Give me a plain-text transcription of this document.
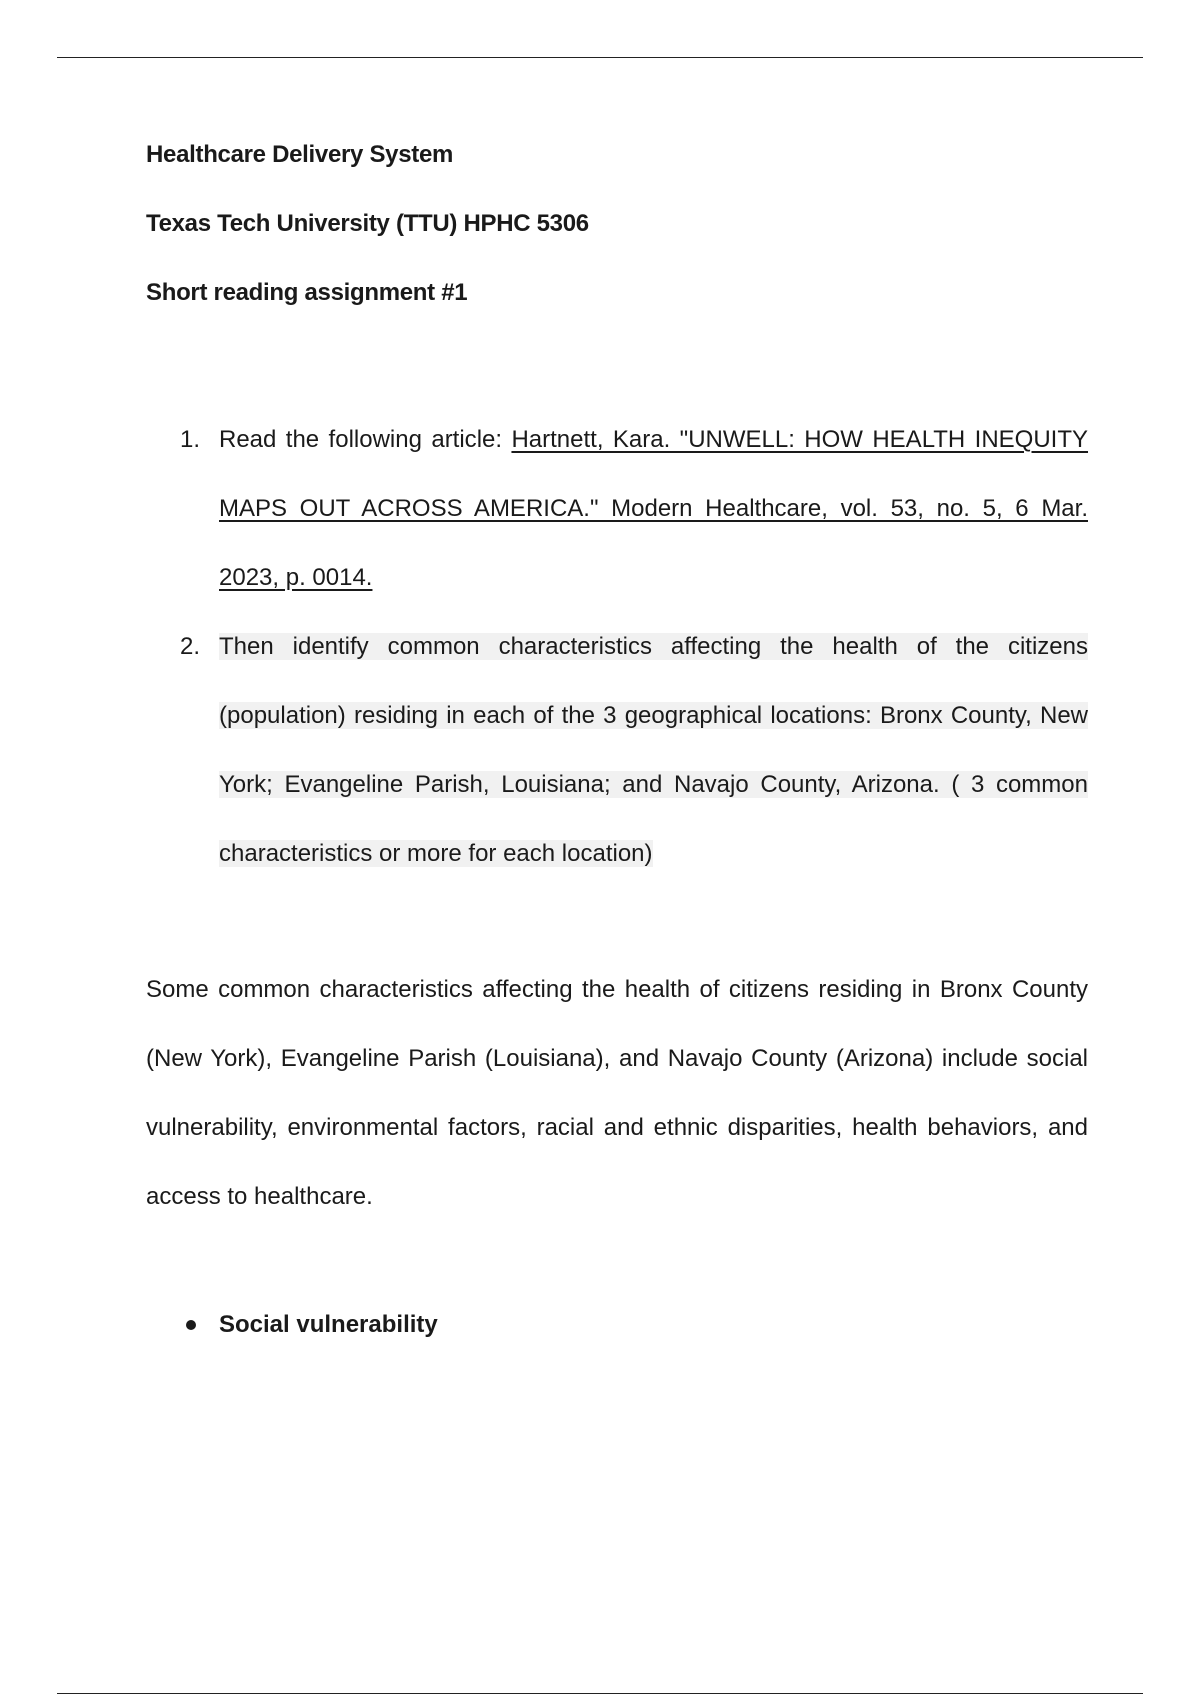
Healthcare Delivery System

Texas Tech University (TTU) HPHC 5306

Short reading assignment #1

1. Read the following article: Hartnett, Kara. "UNWELL: HOW HEALTH INEQUITY MAPS OUT ACROSS AMERICA." Modern Healthcare, vol. 53, no. 5, 6 Mar. 2023, p. 0014.
2. Then identify common characteristics affecting the health of the citizens (population) residing in each of the 3 geographical locations: Bronx County, New York; Evangeline Parish, Louisiana; and Navajo County, Arizona. ( 3 common characteristics or more for each location)
Some common characteristics affecting the health of citizens residing in Bronx County (New York), Evangeline Parish (Louisiana), and Navajo County (Arizona) include social vulnerability, environmental factors, racial and ethnic disparities, health behaviors, and access to healthcare.
Social vulnerability
